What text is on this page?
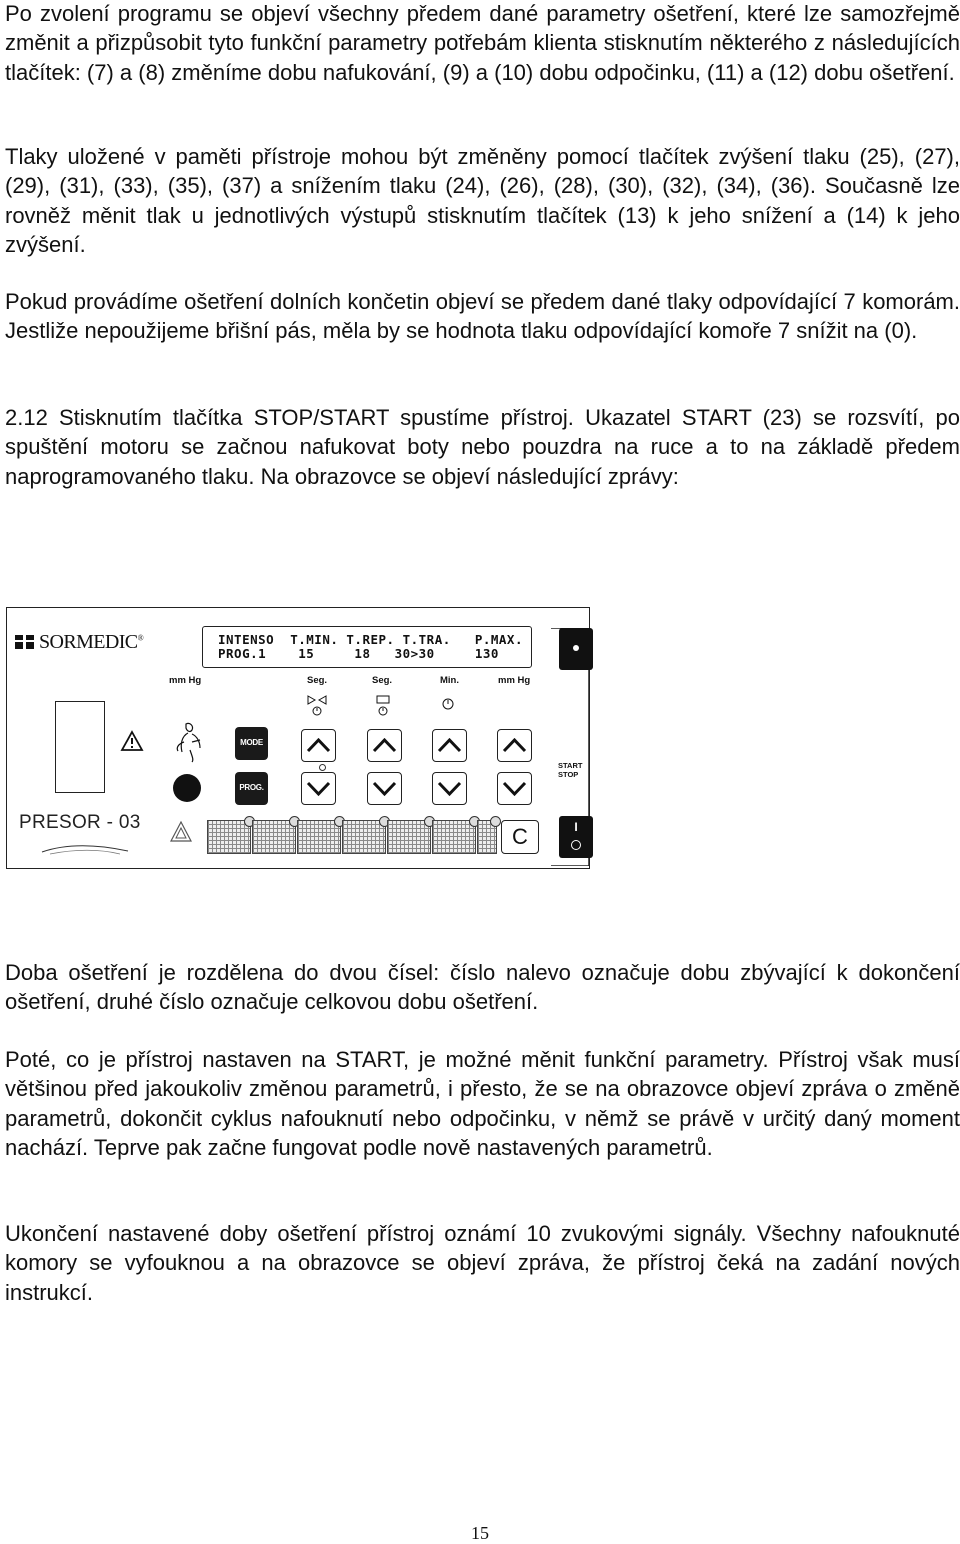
Po zvolení programu se objeví všechny předem dané parametry ošetření, které lze samozřejmě změnit a přizpůsobit tyto funkční parametry potřebám klienta stisknutím některého z následujících tlačítek: (7) a (8) změníme dobu nafukování, (9) a (10) dobu odpočinku, (11) a (12) dobu ošetření.

Tlaky uložené v paměti přístroje mohou být změněny pomocí tlačítek zvýšení tlaku (25), (27), (29), (31), (33), (35), (37) a snížením tlaku (24), (26), (28), (30), (32), (34), (36). Současně lze rovněž měnit tlak u jednotlivých výstupů stisknutím tlačítek (13) k jeho snížení a (14) k jeho zvýšení.

Pokud provádíme ošetření dolních končetin objeví se předem dané tlaky odpovídající 7 komorám. Jestliže nepoužijeme břišní pás, měla by se hodnota tlaku odpovídající komoře 7 snížit na (0).

2.12 Stisknutím tlačítka STOP/START spustíme přístroj. Ukazatel START (23) se rozsvítí, po spuštění motoru se začnou nafukovat boty nebo pouzdra na ruce a to na základě předem naprogramovaného tlaku. Na obrazovce se objeví následující zprávy:

SORMEDIC®	INTENSO  T.MIN. T.REP. T.TRA.   P.MAX.
PROG.1    15     18   30>30     130
mm Hg	Seg.	Seg.	Min.	mm Hg
MODE
PROG.
PRESOR - 03
C
START
STOP
I

Doba ošetření je rozdělena do dvou čísel: číslo nalevo označuje dobu zbývající k dokončení ošetření, druhé číslo označuje celkovou dobu ošetření.

Poté, co je přístroj nastaven na START, je možné měnit funkční parametry. Přístroj však musí většinou před jakoukoliv změnou parametrů, i přesto, že se na obrazovce objeví zpráva o změně parametrů, dokončit cyklus nafouknutí nebo odpočinku, v němž se právě v určitý daný moment nachází. Teprve pak začne fungovat podle nově nastavených parametrů.

Ukončení nastavené doby ošetření přístroj oznámí 10 zvukovými signály. Všechny nafouknuté komory se vyfouknou a na obrazovce se objeví zpráva, že přístroj čeká na zadání nových instrukcí.

15
